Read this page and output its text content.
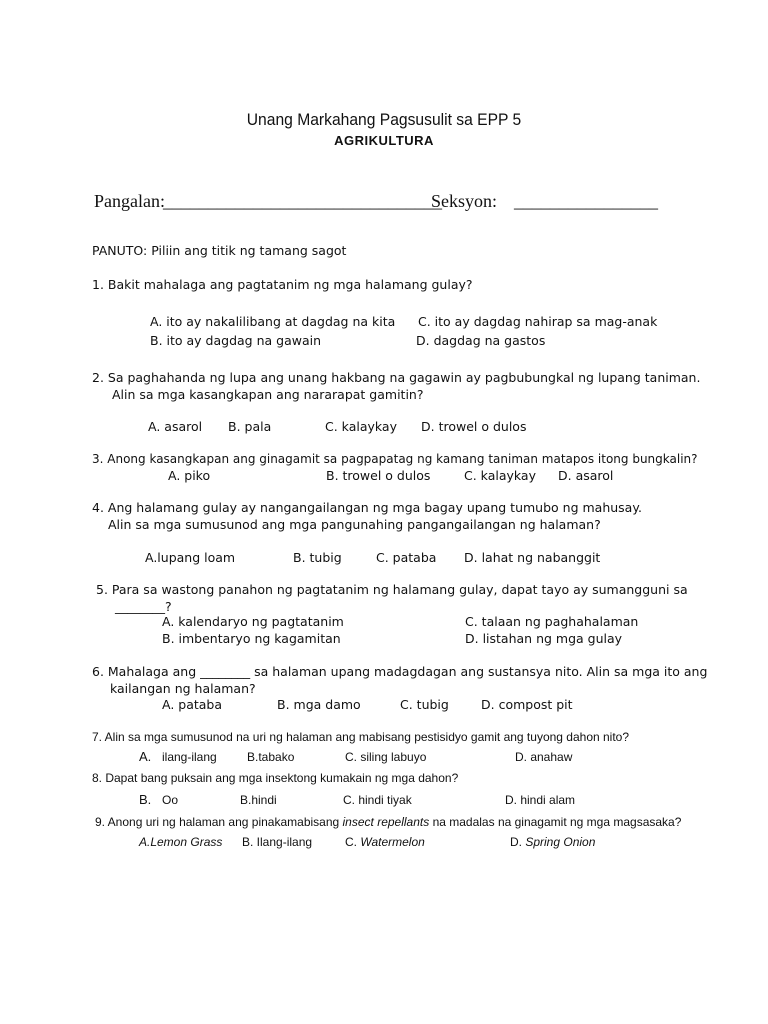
Unang Markahang Pagsusulit sa EPP 5
AGRIKULTURA
Pangalan:
_______________________________
Seksyon: ________________
PANUTO: Piliin ang titik ng tamang sagot
1. Bakit mahalaga ang pagtatanim ng mga halamang gulay?
A. ito ay nakalilibang at dagdag na kita
B. ito ay dagdag na gawain
C. ito ay dagdag nahirap sa mag-anak
D. dagdag na gastos
2. Sa paghahanda ng lupa ang unang hakbang na gagawin ay pagbubungkal ng lupang taniman.
Alin sa mga kasangkapan ang nararapat gamitin?
A. asarol B. pala	C. kalaykay D. trowel o dulos
3. Anong kasangkapan ang ginagamit sa pagpapatag ng kamang taniman matapos itong bungkalin?
A. piko	B. trowel o dulos	C. kalaykay D. asarol
4. Ang halamang gulay ay nangangailangan ng mga bagay upang tumubo ng mahusay.
Alin sa mga sumusunod ang mga pangunahing pangangailangan ng halaman?
A.lupang loam	B. tubig	C. pataba D. lahat ng nabanggit
5. Para sa wastong panahon ng pagtatanim ng halamang gulay, dapat tayo ay sumangguni sa
________?
A. kalendaryo ng pagtatanim
B. imbentaryo ng kagamitan
C. talaan ng paghahalaman
D. listahan ng mga gulay
6. Mahalaga ang ________ sa halaman upang madagdagan ang sustansya nito. Alin sa mga ito ang
kailangan ng halaman?
A. pataba	B. mga damo	C. tubig	D. compost pit
7. Alin sa mga sumusunod na uri ng halaman ang mabisang pestisidyo gamit ang tuyong dahon nito?
A. ilang-ilang	B.tabako	C. siling labuyo	D. anahaw
8. Dapat bang puksain ang mga insektong kumakain ng mga dahon?
B. Oo	B.hindi	C. hindi tiyak	D. hindi alam
9. Anong uri ng halaman ang pinakamabisang insect repellants na madalas na ginagamit ng mga magsasaka?
A.Lemon Grass B. Ilang-ilang	C. Watermelon	D. Spring Onion
